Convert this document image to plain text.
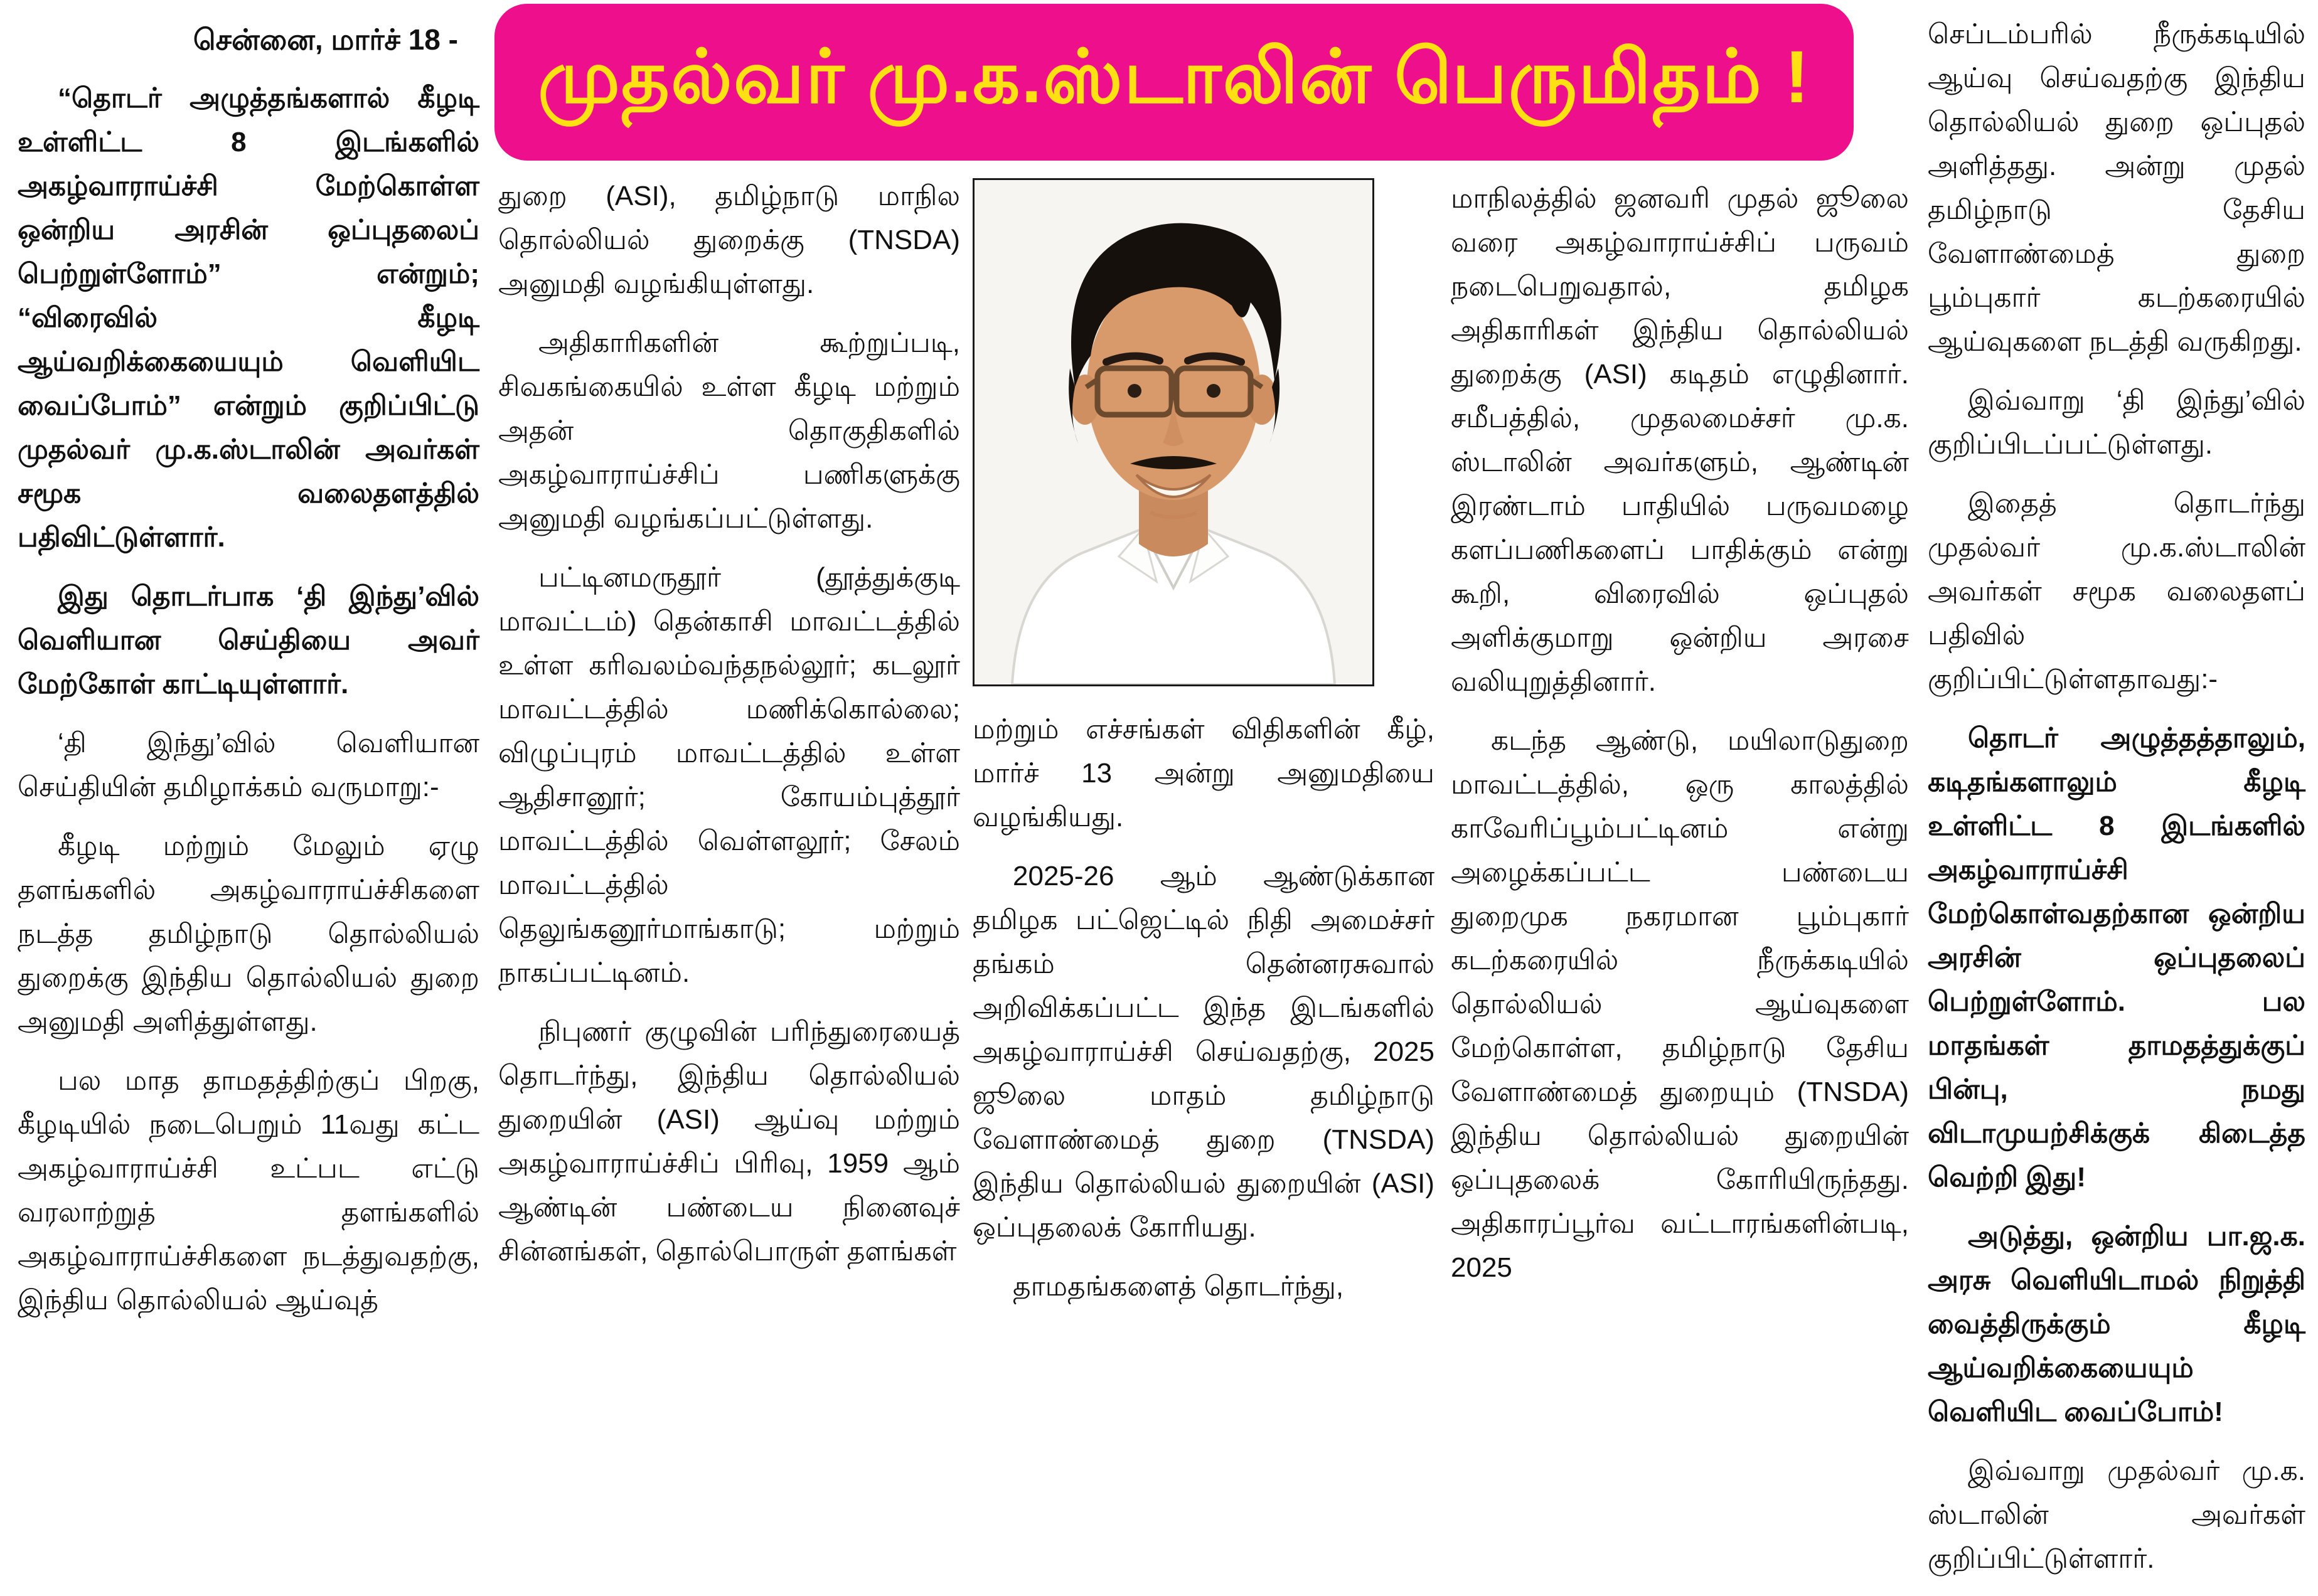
முதல்வர் மு.க.ஸ்டாலின் பெருமிதம் !

சென்னை, மார்ச் 18 -

“தொடர் அழுத்தங்களால் கீழடி உள்ளிட்ட 8 இடங்களில் அகழ்வாராய்ச்சி மேற்கொள்ள ஒன்றிய அரசின் ஒப்புதலைப் பெற்றுள்ளோம்” என்றும்; “விரைவில் கீழடி ஆய்வறிக்கையையும் வெளியிட வைப்போம்” என்றும் குறிப்பிட்டு முதல்வர் மு.க.ஸ்டாலின் அவர்கள் சமூக வலைதளத்தில் பதிவிட்டுள்ளார்.

இது தொடர்பாக ‘தி இந்து’வில் வெளியான செய்தியை அவர் மேற்கோள் காட்டியுள்ளார்.

‘தி இந்து’வில் வெளியான செய்தியின் தமிழாக்கம் வருமாறு:-

கீழடி மற்றும் மேலும் ஏழு தளங்களில் அகழ்வாராய்ச்சிகளை நடத்த தமிழ்நாடு தொல்லியல் துறைக்கு இந்திய தொல்லியல் துறை அனுமதி அளித்துள்ளது.

பல மாத தாமதத்திற்குப் பிறகு, கீழடியில் நடைபெறும் 11வது கட்ட அகழ்வாராய்ச்சி உட்பட எட்டு வரலாற்றுத் தளங்களில் அகழ்வாராய்ச்சிகளை நடத்துவதற்கு, இந்திய தொல்லியல் ஆய்வுத்

துறை (ASI), தமிழ்நாடு மாநில தொல்லியல் துறைக்கு (TNSDA) அனுமதி வழங்கியுள்ளது.

அதிகாரிகளின் கூற்றுப்படி, சிவகங்கையில் உள்ள கீழடி மற்றும் அதன் தொகுதிகளில் அகழ்வாராய்ச்சிப் பணிகளுக்கு அனுமதி வழங்கப்பட்டுள்ளது.

பட்டினமருதூர் (தூத்துக்குடி மாவட்டம்) தென்காசி மாவட்டத்தில் உள்ள கரிவலம்வந்தநல்லூர்; கடலூர் மாவட்டத்தில் மணிக்கொல்லை; விழுப்புரம் மாவட்டத்தில் உள்ள ஆதிசானூர்; கோயம்புத்தூர் மாவட்டத்தில் வெள்ளலூர்; சேலம் மாவட்டத்தில் தெலுங்கனூர்மாங்காடு; மற்றும் நாகப்பட்டினம்.

நிபுணர் குழுவின் பரிந்துரையைத் தொடர்ந்து, இந்திய தொல்லியல் துறையின் (ASI) ஆய்வு மற்றும் அகழ்வாராய்ச்சிப் பிரிவு, 1959 ஆம் ஆண்டின் பண்டைய நினைவுச் சின்னங்கள், தொல்பொருள் தளங்கள்

மற்றும் எச்சங்கள் விதிகளின் கீழ், மார்ச் 13 அன்று அனுமதியை வழங்கியது.

2025-26 ஆம் ஆண்டுக்கான தமிழக பட்ஜெட்டில் நிதி அமைச்சர் தங்கம் தென்னரசுவால் அறிவிக்கப்பட்ட இந்த இடங்களில் அகழ்வாராய்ச்சி செய்வதற்கு, 2025 ஜூலை மாதம் தமிழ்நாடு வேளாண்மைத் துறை (TNSDA) இந்திய தொல்லியல் துறையின் (ASI) ஒப்புதலைக் கோரியது.

தாமதங்களைத் தொடர்ந்து,

மாநிலத்தில் ஜனவரி முதல் ஜூலை வரை அகழ்வாராய்ச்சிப் பருவம் நடைபெறுவதால், தமிழக அதிகாரிகள் இந்திய தொல்லியல் துறைக்கு (ASI) கடிதம் எழுதினார். சமீபத்தில், முதலமைச்சர் மு.க. ஸ்டாலின் அவர்களும், ஆண்டின் இரண்டாம் பாதியில் பருவமழை களப்பணிகளைப் பாதிக்கும் என்று கூறி, விரைவில் ஒப்புதல் அளிக்குமாறு ஒன்றிய அரசை வலியுறுத்தினார்.

கடந்த ஆண்டு, மயிலாடுதுறை மாவட்டத்தில், ஒரு காலத்தில் காவேரிப்பூம்பட்டினம் என்று அழைக்கப்பட்ட பண்டைய துறைமுக நகரமான பூம்புகார் கடற்கரையில் நீருக்கடியில் தொல்லியல் ஆய்வுகளை மேற்கொள்ள, தமிழ்நாடு தேசிய வேளாண்மைத் துறையும் (TNSDA) இந்திய தொல்லியல் துறையின் ஒப்புதலைக் கோரியிருந்தது. அதிகாரப்பூர்வ வட்டாரங்களின்படி, 2025

செப்டம்பரில் நீருக்கடியில் ஆய்வு செய்வதற்கு இந்திய தொல்லியல் துறை ஒப்புதல் அளித்தது. அன்று முதல் தமிழ்நாடு தேசிய வேளாண்மைத் துறை பூம்புகார் கடற்கரையில் ஆய்வுகளை நடத்தி வருகிறது.

இவ்வாறு ‘தி இந்து’வில் குறிப்பிடப்பட்டுள்ளது.

இதைத் தொடர்ந்து முதல்வர் மு.க.ஸ்டாலின் அவர்கள் சமூக வலைதளப் பதிவில் குறிப்பிட்டுள்ளதாவது:-

தொடர் அழுத்தத்தாலும், கடிதங்களாலும் கீழடி உள்ளிட்ட 8 இடங்களில் அகழ்வாராய்ச்சி மேற்கொள்வதற்கான ஒன்றிய அரசின் ஒப்புதலைப் பெற்றுள்ளோம். பல மாதங்கள் தாமதத்துக்குப் பின்பு, நமது விடாமுயற்சிக்குக் கிடைத்த வெற்றி இது!

அடுத்து, ஒன்றிய பா.ஜ.க. அரசு வெளியிடாமல் நிறுத்தி வைத்திருக்கும் கீழடி ஆய்வறிக்கையையும் வெளியிட வைப்போம்!

இவ்வாறு முதல்வர் மு.க. ஸ்டாலின் அவர்கள் குறிப்பிட்டுள்ளார்.
